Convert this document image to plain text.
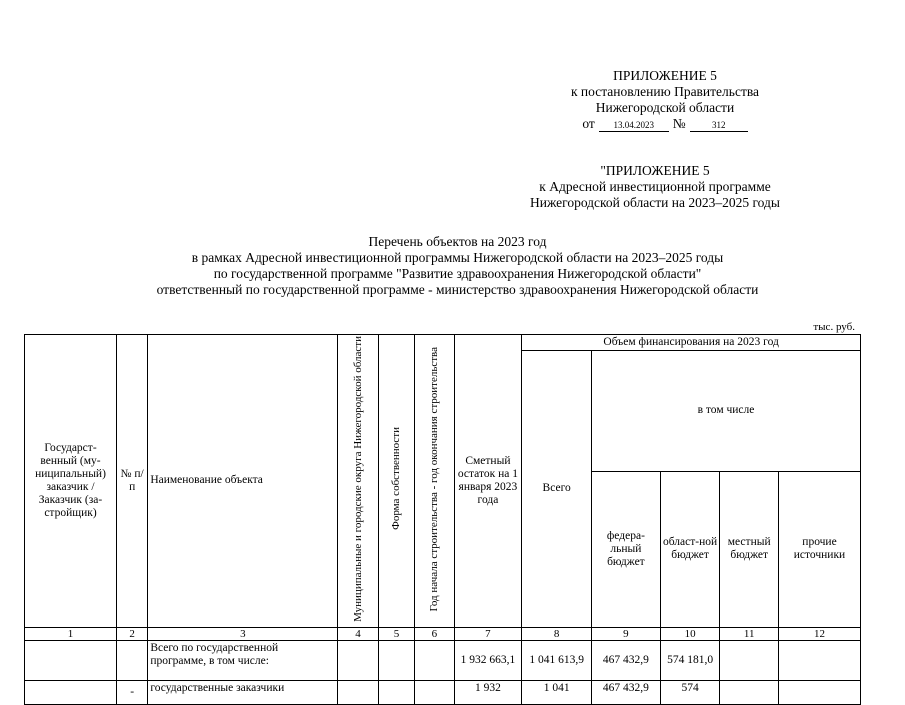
ПРИЛОЖЕНИЕ 5
к постановлению Правительства
Нижегородской области
от	13.04.2023	№	312
"ПРИЛОЖЕНИЕ 5
к Адресной инвестиционной программе
Нижегородской области на 2023–2025 годы
Перечень объектов на 2023 год
в рамках Адресной инвестиционной программы Нижегородской области на 2023–2025 годы
по государственной программе "Развитие здравоохранения Нижегородской области"
ответственный по государственной программе - министерство здравоохранения Нижегородской области
тыс. руб.
Государст-венный (му-ниципальный) заказчик / Заказчик (за-стройщик)	№ п/п	Наименование объекта	Муниципальные и городские округа Нижегородской области	Форма собственности	Год начала строительства - год окончания строительства	Сметный остаток на 1 января 2023 года	Объем финансирования на 2023 год				
							Всего	в том числе			
								федера-льный бюджет	област-ной бюджет	местный бюджет	прочие источники
1	2	3	4	5	6	7	8	9	10	11	12
		Всего по государственной программе, в том числе:				1 932 663,1	1 041 613,9	467 432,9	574 181,0		
	-	государственные заказчики				1 932	1 041	467 432,9	574		
